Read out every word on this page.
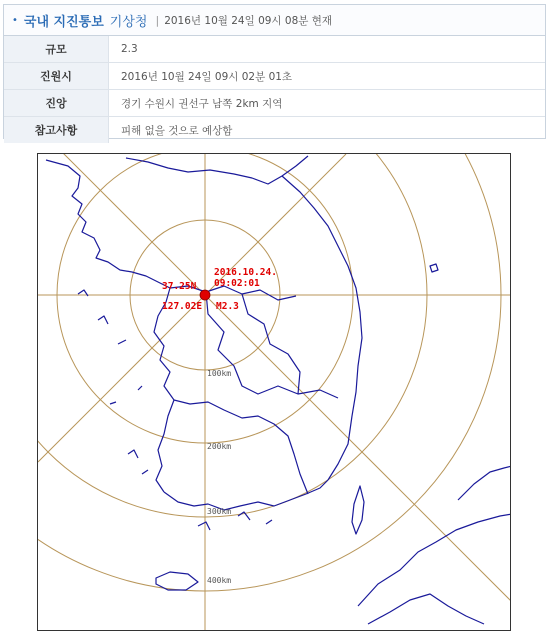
• 국내 지진통보 기상청 | 2016년 10월 24일 09시 08분 현재
규모	2.3
진원시	2016년 10월 24일 09시 02분 01초
진앙	경기 수원시 권선구 남쪽 2km 지역
참고사항	피해 없을 것으로 예상함
2016.10.24.
09:02:01
37.25N
127.02E M2.3
100km
200km
300km
400km
